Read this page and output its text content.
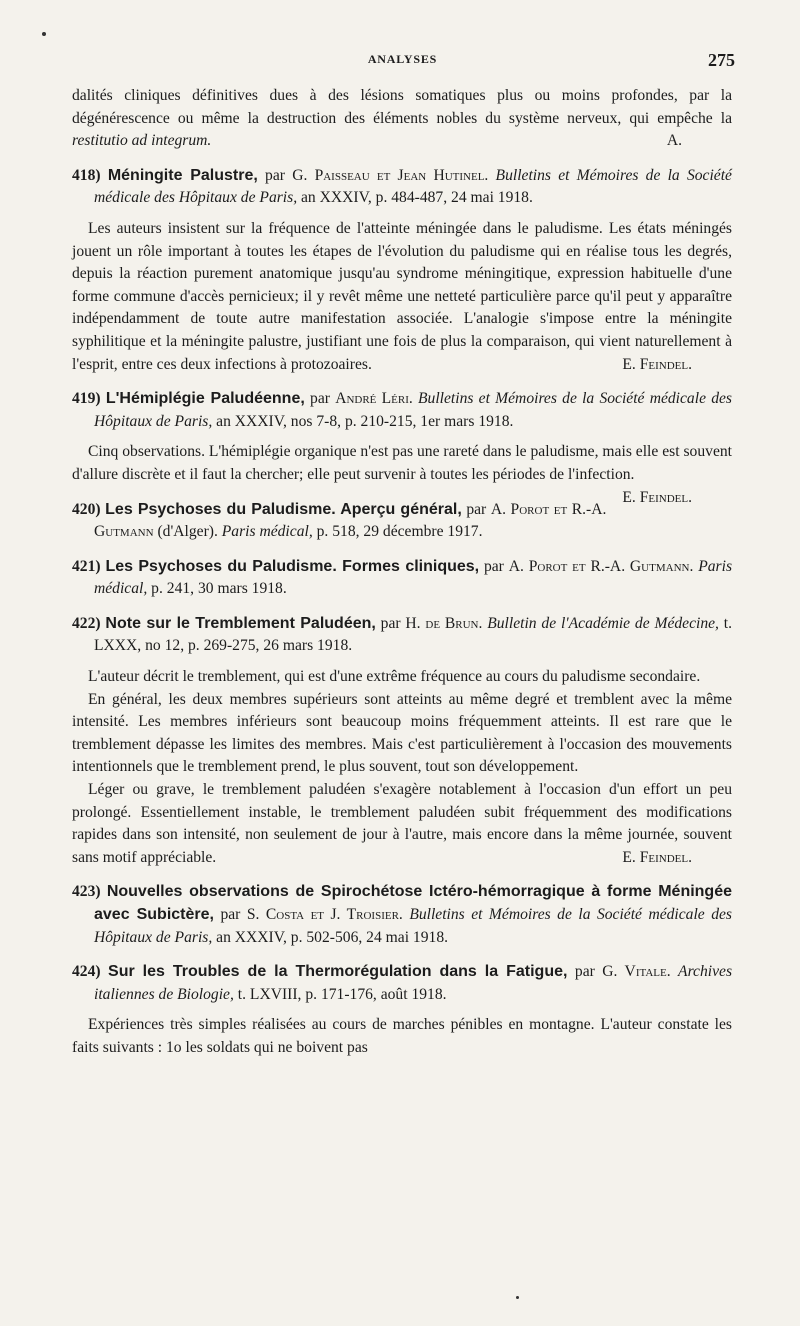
ANALYSES	275

dalités cliniques définitives dues à des lésions somatiques plus ou moins profondes, par la dégénérescence ou même la destruction des éléments nobles du système nerveux, qui empêche la restitutio ad integrum.	A.

418) Méningite Palustre, par G. Paisseau et Jean Hutinel. Bulletins et Mémoires de la Société médicale des Hôpitaux de Paris, an XXXIV, p. 484-487, 24 mai 1918.

Les auteurs insistent sur la fréquence de l'atteinte méningée dans le paludisme. Les états méningés jouent un rôle important à toutes les étapes de l'évolution du paludisme qui en réalise tous les degrés, depuis la réaction purement anatomique jusqu'au syndrome méningitique, expression habituelle d'une forme commune d'accès pernicieux; il y revêt même une netteté particulière parce qu'il peut y apparaître indépendamment de toute autre manifestation associée. L'analogie s'impose entre la méningite syphilitique et la méningite palustre, justifiant une fois de plus la comparaison, qui vient naturellement à l'esprit, entre ces deux infections à protozoaires.	E. Feindel.

419) L'Hémiplégie Paludéenne, par André Léri. Bulletins et Mémoires de la Société médicale des Hôpitaux de Paris, an XXXIV, nos 7-8, p. 210-215, 1er mars 1918.

Cinq observations. L'hémiplégie organique n'est pas une rareté dans le paludisme, mais elle est souvent d'allure discrète et il faut la chercher; elle peut survenir à toutes les périodes de l'infection.
E. Feindel.

420) Les Psychoses du Paludisme. Aperçu général, par A. Porot et R.-A. Gutmann (d'Alger). Paris médical, p. 518, 29 décembre 1917.

421) Les Psychoses du Paludisme. Formes cliniques, par A. Porot et R.-A. Gutmann. Paris médical, p. 241, 30 mars 1918.

422) Note sur le Tremblement Paludéen, par H. de Brun. Bulletin de l'Académie de Médecine, t. LXXX, no 12, p. 269-275, 26 mars 1918.

L'auteur décrit le tremblement, qui est d'une extrême fréquence au cours du paludisme secondaire.

En général, les deux membres supérieurs sont atteints au même degré et tremblent avec la même intensité. Les membres inférieurs sont beaucoup moins fréquemment atteints. Il est rare que le tremblement dépasse les limites des membres. Mais c'est particulièrement à l'occasion des mouvements intentionnels que le tremblement prend, le plus souvent, tout son développement.

Léger ou grave, le tremblement paludéen s'exagère notablement à l'occasion d'un effort un peu prolongé. Essentiellement instable, le tremblement paludéen subit fréquemment des modifications rapides dans son intensité, non seulement de jour à l'autre, mais encore dans la même journée, souvent sans motif appréciable.	E. Feindel.

423) Nouvelles observations de Spirochétose Ictéro-hémorragique à forme Méningée avec Subictère, par S. Costa et J. Troisier. Bulletins et Mémoires de la Société médicale des Hôpitaux de Paris, an XXXIV, p. 502-506, 24 mai 1918.

424) Sur les Troubles de la Thermorégulation dans la Fatigue, par G. Vitale. Archives italiennes de Biologie, t. LXVIII, p. 171-176, août 1918.

Expériences très simples réalisées au cours de marches pénibles en montagne. L'auteur constate les faits suivants : 1o les soldats qui ne boivent pas
